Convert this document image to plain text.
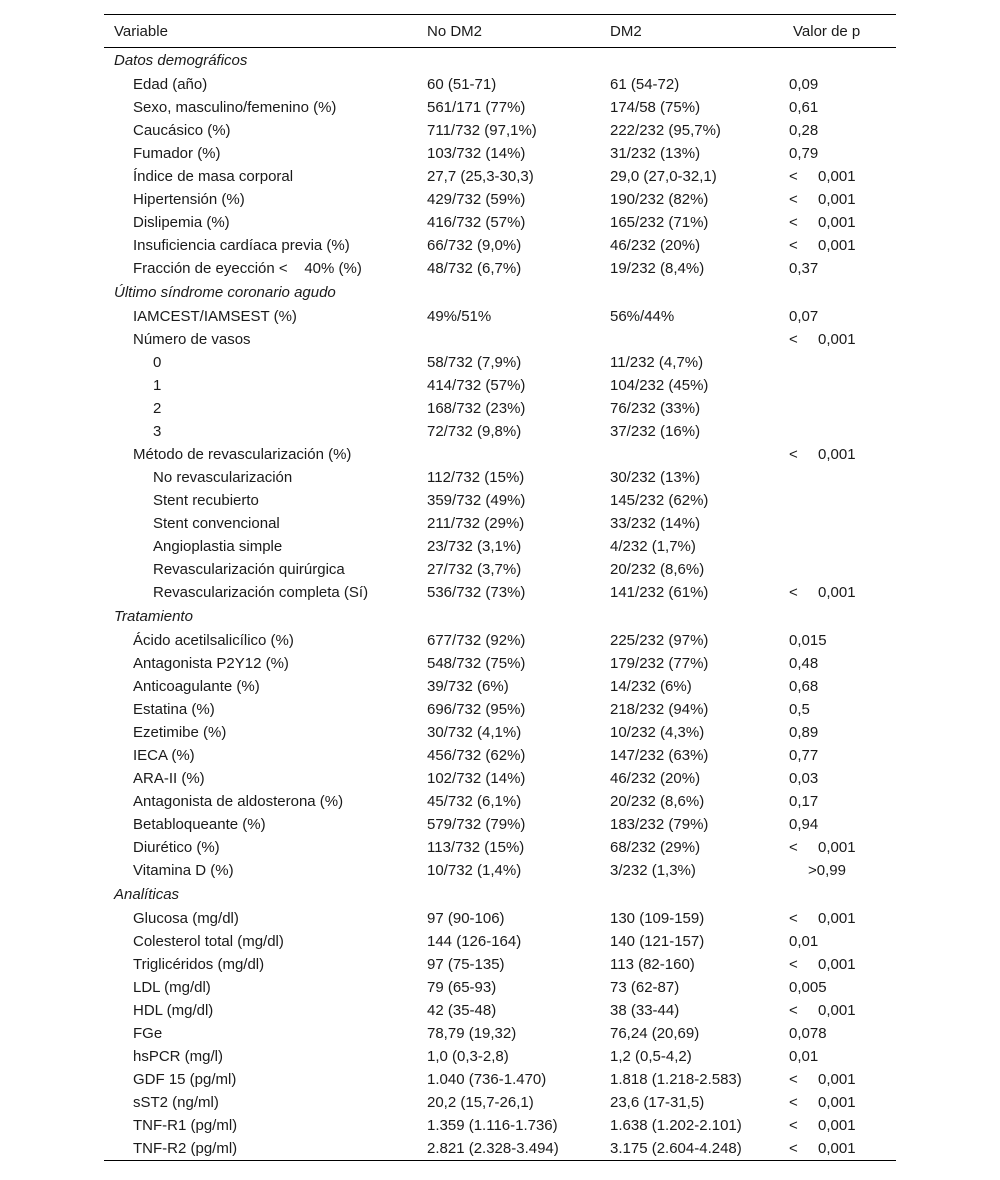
Variable	No DM2	DM2	Valor de p
Datos demográficos			
Edad (año)	60 (51-71)	61 (54-72)	0,09
Sexo, masculino/femenino (%)	561/171 (77%)	174/58 (75%)	0,61
Caucásico (%)	711/732 (97,1%)	222/232 (95,7%)	0,28
Fumador (%)	103/732 (14%)	31/232 (13%)	0,79
Índice de masa corporal	27,7 (25,3-30,3)	29,0 (27,0-32,1)	< 0,001
Hipertensión (%)	429/732 (59%)	190/232 (82%)	< 0,001
Dislipemia (%)	416/732 (57%)	165/232 (71%)	< 0,001
Insuficiencia cardíaca previa (%)	66/732 (9,0%)	46/232 (20%)	< 0,001
Fracción de eyección <    40% (%)	48/732 (6,7%)	19/232 (8,4%)	0,37
Último síndrome coronario agudo			
IAMCEST/IAMSEST (%)	49%/51%	56%/44%	0,07
Número de vasos			< 0,001
0	58/732 (7,9%)	11/232 (4,7%)	
1	414/732 (57%)	104/232 (45%)	
2	168/732 (23%)	76/232 (33%)	
3	72/732 (9,8%)	37/232 (16%)	
Método de revascularización (%)			< 0,001
No revascularización	112/732 (15%)	30/232 (13%)	
Stent recubierto	359/732 (49%)	145/232 (62%)	
Stent convencional	211/732 (29%)	33/232 (14%)	
Angioplastia simple	23/732 (3,1%)	4/232 (1,7%)	
Revascularización quirúrgica	27/732 (3,7%)	20/232 (8,6%)	
Revascularización completa (Sí)	536/732 (73%)	141/232 (61%)	< 0,001
Tratamiento			
Ácido acetilsalicílico (%)	677/732 (92%)	225/232 (97%)	0,015
Antagonista P2Y12 (%)	548/732 (75%)	179/232 (77%)	0,48
Anticoagulante (%)	39/732 (6%)	14/232 (6%)	0,68
Estatina (%)	696/732 (95%)	218/232 (94%)	0,5
Ezetimibe (%)	30/732 (4,1%)	10/232 (4,3%)	0,89
IECA (%)	456/732 (62%)	147/232 (63%)	0,77
ARA-II (%)	102/732 (14%)	46/232 (20%)	0,03
Antagonista de aldosterona (%)	45/732 (6,1%)	20/232 (8,6%)	0,17
Betabloqueante (%)	579/732 (79%)	183/232 (79%)	0,94
Diurético (%)	113/732 (15%)	68/232 (29%)	< 0,001
Vitamina D (%)	10/732 (1,4%)	3/232 (1,3%)	>0,99
Analíticas			
Glucosa (mg/dl)	97 (90-106)	130 (109-159)	< 0,001
Colesterol total (mg/dl)	144 (126-164)	140 (121-157)	0,01
Triglicéridos (mg/dl)	97 (75-135)	113 (82-160)	< 0,001
LDL (mg/dl)	79 (65-93)	73 (62-87)	0,005
HDL (mg/dl)	42 (35-48)	38 (33-44)	< 0,001
FGe	78,79 (19,32)	76,24 (20,69)	0,078
hsPCR (mg/l)	1,0 (0,3-2,8)	1,2 (0,5-4,2)	0,01
GDF 15 (pg/ml)	1.040 (736-1.470)	1.818 (1.218-2.583)	< 0,001
sST2 (ng/ml)	20,2 (15,7-26,1)	23,6 (17-31,5)	< 0,001
TNF-R1 (pg/ml)	1.359 (1.116-1.736)	1.638 (1.202-2.101)	< 0,001
TNF-R2 (pg/ml)	2.821 (2.328-3.494)	3.175 (2.604-4.248)	< 0,001
